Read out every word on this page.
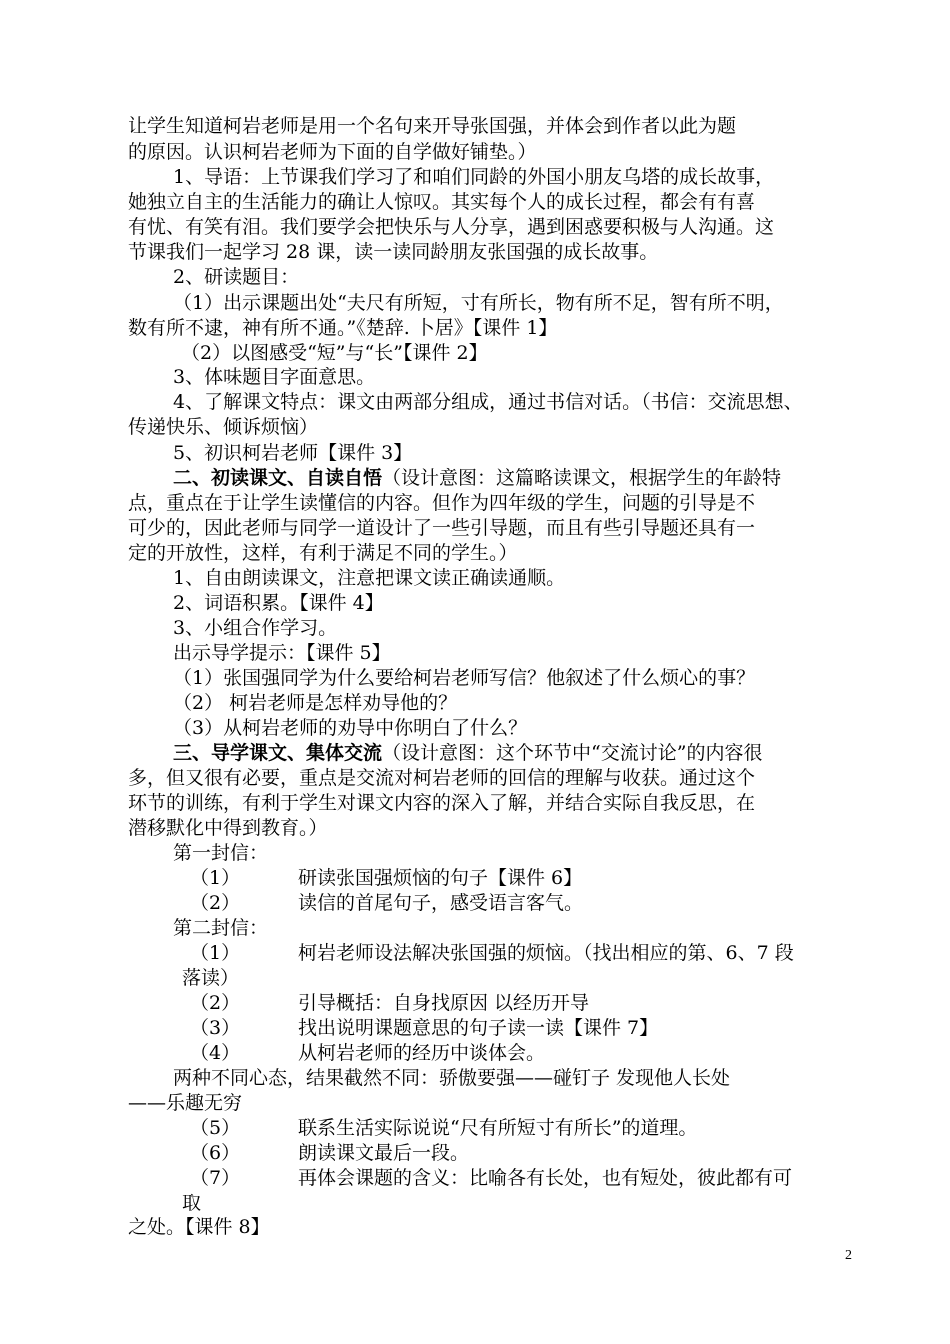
让学生知道柯岩老师是用一个名句来开导张国强，并体会到作者以此为题
的原因。认识柯岩老师为下面的自学做好铺垫。）
1、导语：上节课我们学习了和咱们同龄的外国小朋友乌塔的成长故事，
她独立自主的生活能力的确让人惊叹。其实每个人的成长过程，都会有有喜
有忧、有笑有泪。我们要学会把快乐与人分享，遇到困惑要积极与人沟通。这
节课我们一起学习 28 课，读一读同龄朋友张国强的成长故事。
2、研读题目：
（1）出示课题出处“夫尺有所短，寸有所长，物有所不足，智有所不明，
数有所不逮，神有所不通。”《楚辞. 卜居》【课件 1】
（2）以图感受“短”与“长”【课件 2】
3、体味题目字面意思。
4、了解课文特点：课文由两部分组成，通过书信对话。（书信：交流思想、
传递快乐、倾诉烦恼）
5、初识柯岩老师【课件 3】
二、初读课文、自读自悟（设计意图：这篇略读课文，根据学生的年龄特
点，重点在于让学生读懂信的内容。但作为四年级的学生，问题的引导是不
可少的，因此老师与同学一道设计了一些引导题，而且有些引导题还具有一
定的开放性，这样，有利于满足不同的学生。）
1、自由朗读课文，注意把课文读正确读通顺。
2、词语积累。【课件 4】
3、小组合作学习。
出示导学提示：【课件 5】
（1）张国强同学为什么要给柯岩老师写信？他叙述了什么烦心的事？
（2） 柯岩老师是怎样劝导他的？
（3）从柯岩老师的劝导中你明白了什么？
三、导学课文、集体交流（设计意图：这个环节中“交流讨论”的内容很
多，但又很有必要，重点是交流对柯岩老师的回信的理解与收获。通过这个
环节的训练，有利于学生对课文内容的深入了解，并结合实际自我反思，在
潜移默化中得到教育。）
第一封信：
（1）	研读张国强烦恼的句子【课件 6】
（2）	读信的首尾句子，感受语言客气。
第二封信：
（1）	柯岩老师设法解决张国强的烦恼。（找出相应的第、6、7 段
落读）
（2）	引导概括：自身找原因 以经历开导
（3）	找出说明课题意思的句子读一读【课件 7】
（4）	从柯岩老师的经历中谈体会。
两种不同心态，结果截然不同：骄傲要强——碰钉子 发现他人长处
——乐趣无穷
（5）	联系生活实际说说“尺有所短寸有所长”的道理。
（6）	朗读课文最后一段。
（7）	再体会课题的含义：比喻各有长处，也有短处，彼此都有可
取
之处。【课件 8】
2
